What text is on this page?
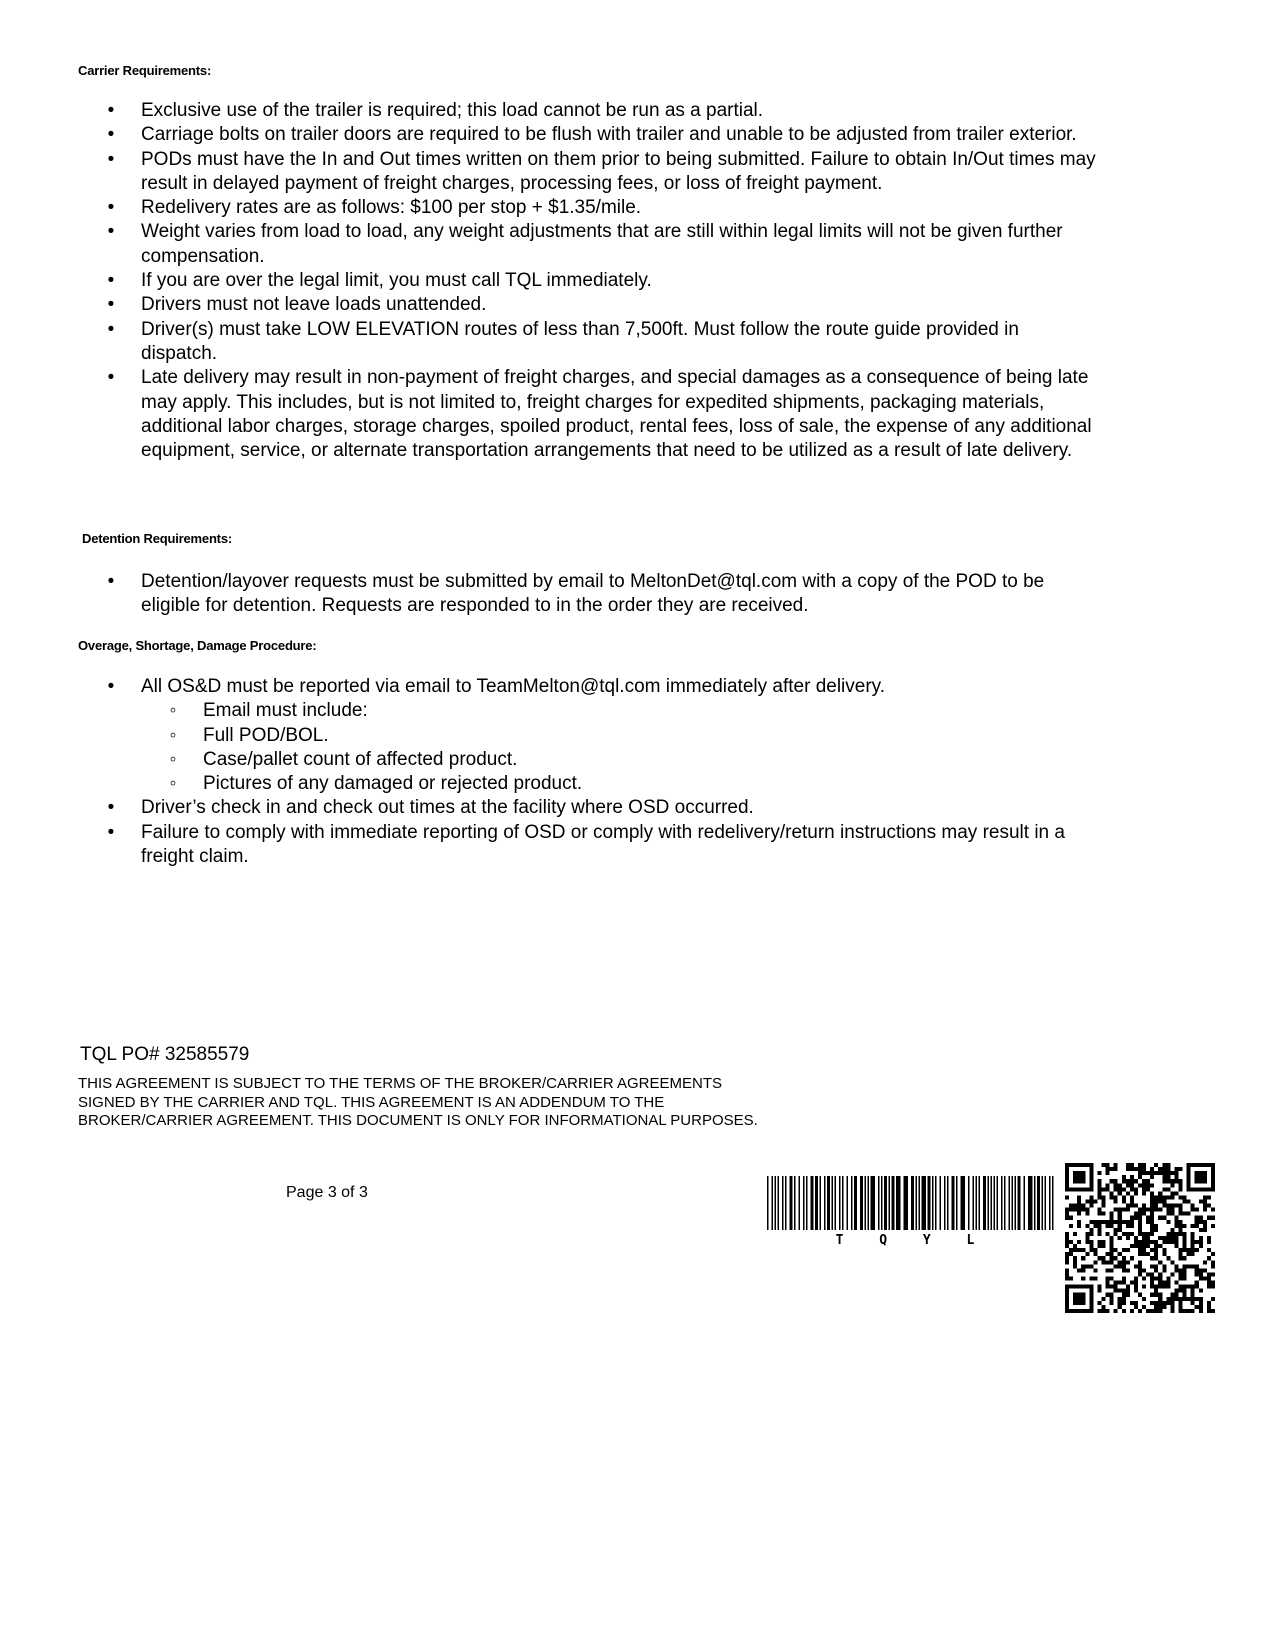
Carrier Requirements:
• Exclusive use of the trailer is required; this load cannot be run as a partial.
• Carriage bolts on trailer doors are required to be flush with trailer and unable to be adjusted from trailer exterior.
• PODs must have the In and Out times written on them prior to being submitted. Failure to obtain In/Out times may result in delayed payment of freight charges, processing fees, or loss of freight payment.
• Redelivery rates are as follows: $100 per stop + $1.35/mile.
• Weight varies from load to load, any weight adjustments that are still within legal limits will not be given further compensation.
• If you are over the legal limit, you must call TQL immediately.
• Drivers must not leave loads unattended.
• Driver(s) must take LOW ELEVATION routes of less than 7,500ft. Must follow the route guide provided in dispatch.
• Late delivery may result in non-payment of freight charges, and special damages as a consequence of being late may apply. This includes, but is not limited to, freight charges for expedited shipments, packaging materials, additional labor charges, storage charges, spoiled product, rental fees, loss of sale, the expense of any additional equipment, service, or alternate transportation arrangements that need to be utilized as a result of late delivery.
Detention Requirements:
• Detention/layover requests must be submitted by email to MeltonDet@tql.com with a copy of the POD to be eligible for detention. Requests are responded to in the order they are received.
Overage, Shortage, Damage Procedure:
• All OS&D must be reported via email to TeamMelton@tql.com immediately after delivery.
◦ Email must include:
◦ Full POD/BOL.
◦ Case/pallet count of affected product.
◦ Pictures of any damaged or rejected product.
• Driver’s check in and check out times at the facility where OSD occurred.
• Failure to comply with immediate reporting of OSD or comply with redelivery/return instructions may result in a freight claim.
TQL PO# 32585579
THIS AGREEMENT IS SUBJECT TO THE TERMS OF THE BROKER/CARRIER AGREEMENTS SIGNED BY THE CARRIER AND TQL. THIS AGREEMENT IS AN ADDENDUM TO THE BROKER/CARRIER AGREEMENT. THIS DOCUMENT IS ONLY FOR INFORMATIONAL PURPOSES.
Page 3 of 3
T Q Y L
